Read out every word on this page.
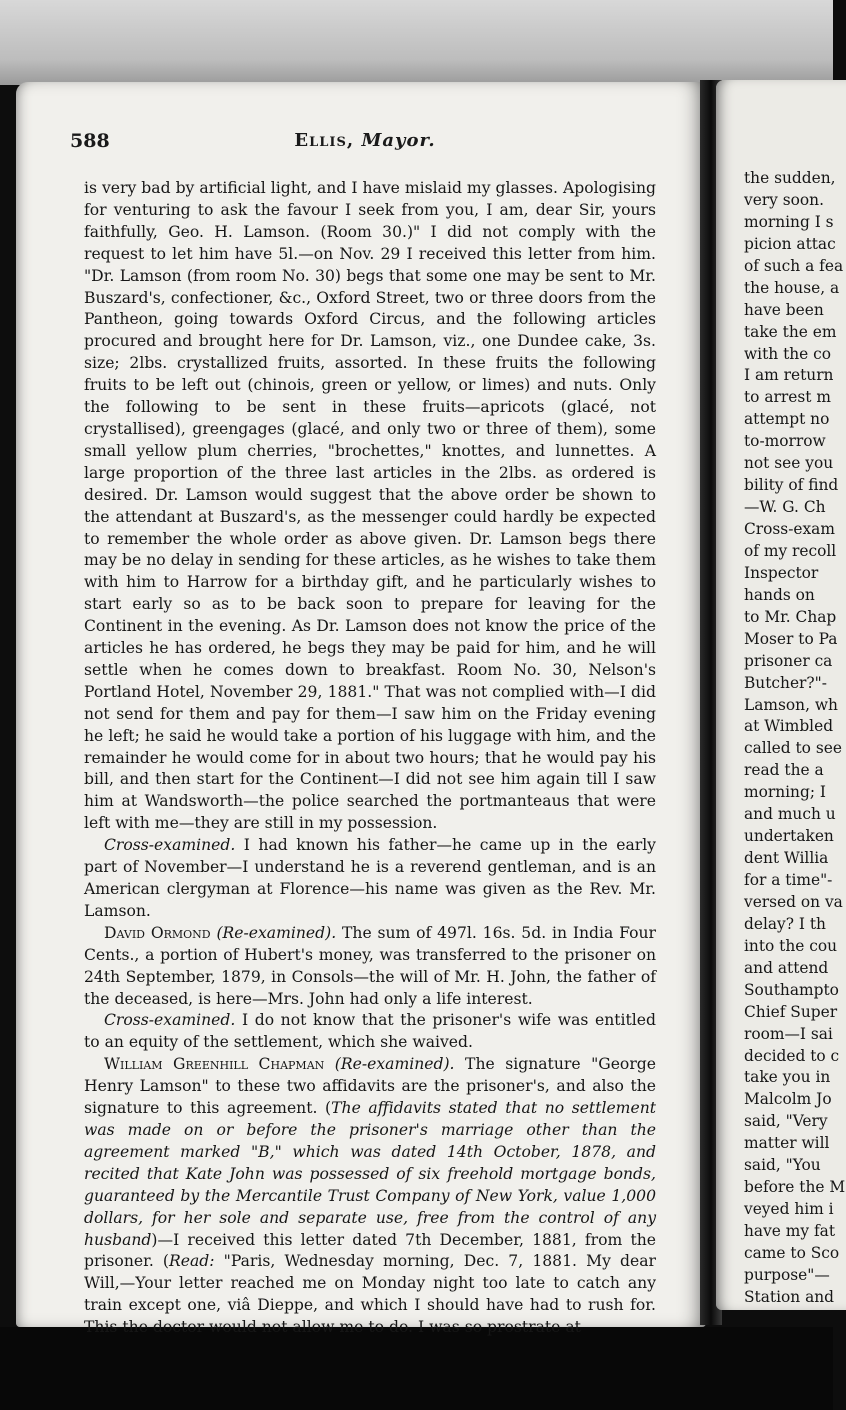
588	Ellis, Mayor.

is very bad by artificial light, and I have mislaid my glasses. Apologising for venturing to ask the favour I seek from you, I am, dear Sir, yours faithfully, Geo. H. Lamson. (Room 30.)" I did not comply with the request to let him have 5l.—on Nov. 29 I received this letter from him. "Dr. Lamson (from room No. 30) begs that some one may be sent to Mr. Buszard's, confectioner, &c., Oxford Street, two or three doors from the Pantheon, going towards Oxford Circus, and the following articles procured and brought here for Dr. Lamson, viz., one Dundee cake, 3s. size; 2lbs. crystallized fruits, assorted. In these fruits the following fruits to be left out (chinois, green or yellow, or limes) and nuts. Only the following to be sent in these fruits—apricots (glacé, not crystallised), greengages (glacé, and only two or three of them), some small yellow plum cherries, "brochettes," knottes, and lunnettes. A large proportion of the three last articles in the 2lbs. as ordered is desired. Dr. Lamson would suggest that the above order be shown to the attendant at Buszard's, as the messenger could hardly be expected to remember the whole order as above given. Dr. Lamson begs there may be no delay in sending for these articles, as he wishes to take them with him to Harrow for a birthday gift, and he particularly wishes to start early so as to be back soon to prepare for leaving for the Continent in the evening. As Dr. Lamson does not know the price of the articles he has ordered, he begs they may be paid for him, and he will settle when he comes down to breakfast. Room No. 30, Nelson's Portland Hotel, November 29, 1881." That was not complied with—I did not send for them and pay for them—I saw him on the Friday evening he left; he said he would take a portion of his luggage with him, and the remainder he would come for in about two hours; that he would pay his bill, and then start for the Continent—I did not see him again till I saw him at Wandsworth—the police searched the portmanteaus that were left with me—they are still in my possession.

Cross-examined. I had known his father—he came up in the early part of November—I understand he is a reverend gentleman, and is an American clergyman at Florence—his name was given as the Rev. Mr. Lamson.

David Ormond (Re-examined). The sum of 497l. 16s. 5d. in India Four Cents., a portion of Hubert's money, was transferred to the prisoner on 24th September, 1879, in Consols—the will of Mr. H. John, the father of the deceased, is here—Mrs. John had only a life interest.

Cross-examined. I do not know that the prisoner's wife was entitled to an equity of the settlement, which she waived.

William Greenhill Chapman (Re-examined). The signature "George Henry Lamson" to these two affidavits are the prisoner's, and also the signature to this agreement. (The affidavits stated that no settlement was made on or before the prisoner's marriage other than the agreement marked "B," which was dated 14th October, 1878, and recited that Kate John was possessed of six freehold mortgage bonds, guaranteed by the Mercantile Trust Company of New York, value 1,000 dollars, for her sole and separate use, free from the control of any husband)—I received this letter dated 7th December, 1881, from the prisoner. (Read: "Paris, Wednesday morning, Dec. 7, 1881. My dear Will,—Your letter reached me on Monday night too late to catch any train except one, viâ Dieppe, and which I should have had to rush for. This the doctor would not allow me to do. I was so prostrate at

the sudden,
very soon.
morning I s
picion attac
of such a fea
the house, a
have been
take the em
with the co
I am return
to arrest m
attempt no
to-morrow
not see you
bility of find
—W. G. Ch
Cross-exam
of my recoll
Inspector
hands on
to Mr. Chap
Moser to Pa
prisoner ca
Butcher?"-
Lamson, wh
at Wimbled
called to see
read the a
morning; I
and much u
undertaken
dent Willia
for a time"-
versed on va
delay? I th
into the cou
and attend
Southampto
Chief Super
room—I sai
decided to c
take you in
Malcolm Jo
said, "Very
matter will
said, "You
before the M
veyed him i
have my fat
came to Sco
purpose"—
Station and
